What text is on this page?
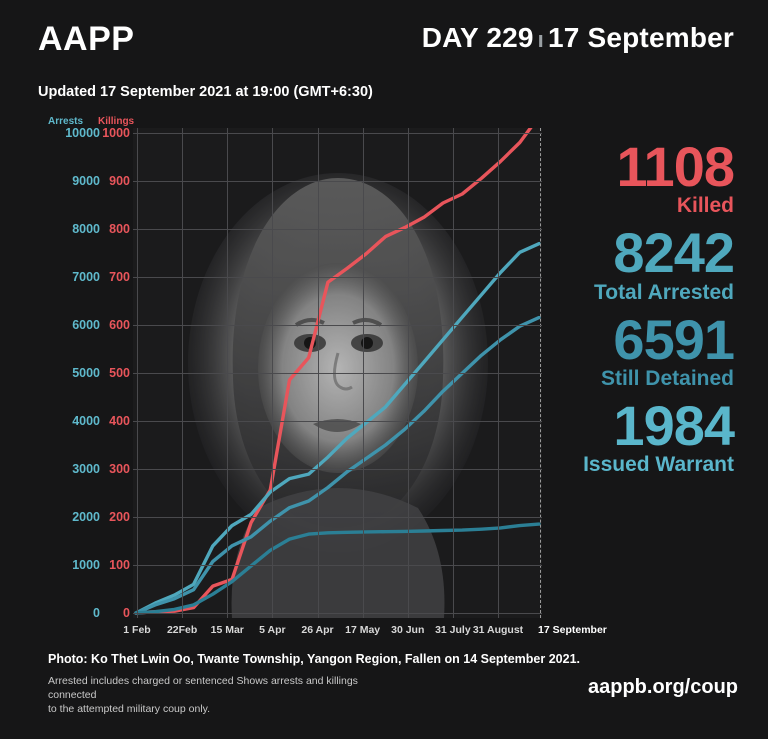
AAPP	DAY 229 ı 17 September
Updated 17 September 2021 at 19:00 (GMT+6:30)
Arrests Killings
0
1000
2000
3000
4000
5000
6000
7000
8000
9000
10000
0
100
200
300
400
500
600
700
800
900
1000
1 Feb 22Feb 15 Mar 5 Apr 26 Apr 17 May 30 Jun 31 July 31 August 17 September
1108
Killed
8242
Total Arrested
6591
Still Detained
1984
Issued Warrant
Photo: Ko Thet Lwin Oo, Twante Township, Yangon Region, Fallen on 14 September 2021.
Arrested includes charged or sentenced Shows arrests and killings connected
to the attempted military coup only.
aappb.org/coup
